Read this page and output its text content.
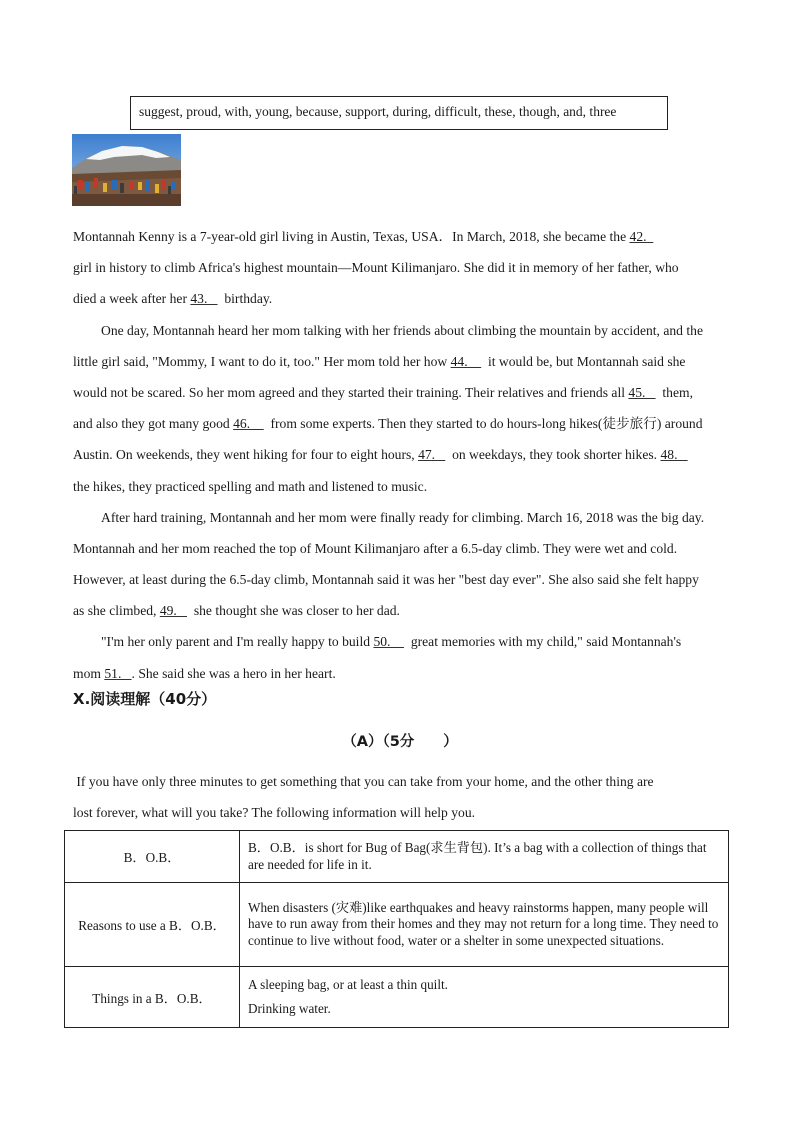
suggest, proud, with, young, because, support, during, difficult, these, though, and, three
Montannah Kenny is a 7-year-old girl living in Austin, Texas, USA．In March, 2018, she became the 42.
girl in history to climb Africa's highest mountain—Mount Kilimanjaro. She did it in memory of her father, who
died a week after her 43.     birthday.
One day, Montannah heard her mom talking with her friends about climbing the mountain by accident, and the
little girl said, "Mommy, I want to do it, too." Her mom told her how 44.      it would be, but Montannah said she
would not be scared. So her mom agreed and they started their training. Their relatives and friends all 45.     them,
and also they got many good 46.      from some experts. Then they started to do hours-long hikes(徒步旅行) around
Austin. On weekends, they went hiking for four to eight hours, 47.     on weekdays, they took shorter hikes. 48.
the hikes, they practiced spelling and math and listened to music.
After hard training, Montannah and her mom were finally ready for climbing. March 16, 2018 was the big day.
Montannah and her mom reached the top of Mount Kilimanjaro after a 6.5-day climb. They were wet and cold.
However, at least during the 6.5-day climb, Montannah said it was her "best day ever". She also said she felt happy
as she climbed, 49.     she thought she was closer to her dad.
"I'm her only parent and I'm really happy to build 50.      great memories with my child," said Montannah's
mom 51.   . She said she was a hero in her heart.
X.阅读理解（40分）
（A）（5分　　）
If you have only three minutes to get something that you can take from your home, and the other thing are
lost forever, what will you take? The following information will help you.
B．O.B．	B．O.B．is short for Bug of Bag(求生背包). It’s a bag with a collection of things that are needed for life in it.
Reasons to use a B．O.B．	When disasters (灾难)like earthquakes and heavy rainstorms happen, many people will have to run away from their homes and they may not return for a long time. They need to continue to live without food, water or a shelter in some unexpected situations.
Things in a B．O.B．	A sleeping bag, or at least a thin quilt.

Drinking water.
